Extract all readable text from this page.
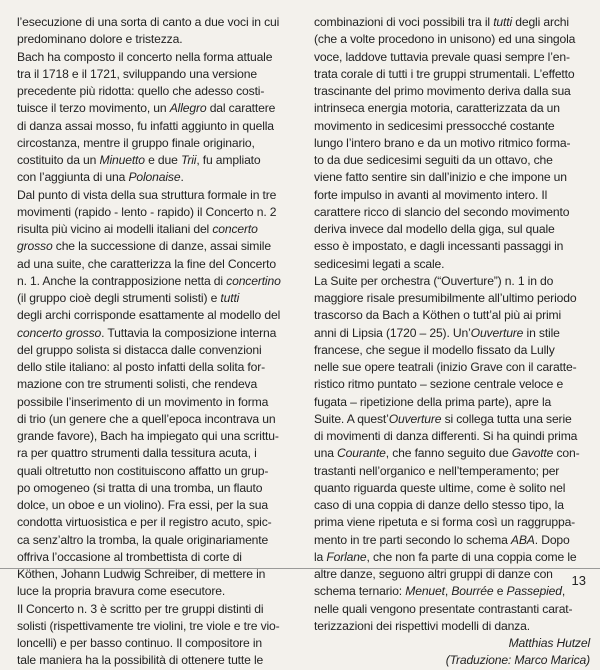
l’esecuzione di una sorta di canto a due voci in cui
predominano dolore e tristezza.
Bach ha composto il concerto nella forma attuale
tra il 1718 e il 1721, sviluppando una versione
precedente più ridotta: quello che adesso costi-
tuisce il terzo movimento, un Allegro dal carattere
di danza assai mosso, fu infatti aggiunto in quella
circostanza, mentre il gruppo finale originario,
costituito da un Minuetto e due Trii, fu ampliato
con l’aggiunta di una Polonaise.
Dal punto di vista della sua struttura formale in tre
movimenti (rapido - lento - rapido) il Concerto n. 2
risulta più vicino ai modelli italiani del concerto
grosso che la successione di danze, assai simile
ad una suite, che caratterizza la fine del Concerto
n. 1. Anche la contrapposizione netta di concertino
(il gruppo cioè degli strumenti solisti) e tutti
degli archi corrisponde esattamente al modello del
concerto grosso. Tuttavia la composizione interna
del gruppo solista si distacca dalle convenzioni
dello stile italiano: al posto infatti della solita for-
mazione con tre strumenti solisti, che rendeva
possibile l’inserimento di un movimento in forma
di trio (un genere che a quell’epoca incontrava un
grande favore), Bach ha impiegato qui una scrittu-
ra per quattro strumenti dalla tessitura acuta, i
quali oltretutto non costituiscono affatto un grup-
po omogeneo (si tratta di una tromba, un flauto
dolce, un oboe e un violino). Fra essi, per la sua
condotta virtuosistica e per il registro acuto, spic-
ca senz’altro la tromba, la quale originariamente
offriva l’occasione al trombettista di corte di
Köthen, Johann Ludwig Schreiber, di mettere in
luce la propria bravura come esecutore.
Il Concerto n. 3 è scritto per tre gruppi distinti di
solisti (rispettivamente tre violini, tre viole e tre vio-
loncelli) e per basso continuo. Il compositore in
tale maniera ha la possibilità di ottenere tutte le
combinazioni di voci possibili tra il tutti degli archi
(che a volte procedono in unisono) ed una singola
voce, laddove tuttavia prevale quasi sempre l’en-
trata corale di tutti i tre gruppi strumentali. L’effetto
trascinante del primo movimento deriva dalla sua
intrinseca energia motoria, caratterizzata da un
movimento in sedicesimi pressocché costante
lungo l’intero brano e da un motivo ritmico forma-
to da due sedicesimi seguiti da un ottavo, che
viene fatto sentire sin dall’inizio e che impone un
forte impulso in avanti al movimento intero. Il
carattere ricco di slancio del secondo movimento
deriva invece dal modello della giga, sul quale
esso è impostato, e dagli incessanti passaggi in
sedicesimi legati a scale.
La Suite per orchestra (“Ouverture”) n. 1 in do
maggiore risale presumibilmente all’ultimo periodo
trascorso da Bach a Köthen o tutt’al più ai primi
anni di Lipsia (1720 – 25). Un’Ouverture in stile
francese, che segue il modello fissato da Lully
nelle sue opere teatrali (inizio Grave con il caratte-
ristico ritmo puntato – sezione centrale veloce e
fugata – ripetizione della prima parte), apre la
Suite. A quest’Ouverture si collega tutta una serie
di movimenti di danza differenti. Si ha quindi prima
una Courante, che fanno seguito due Gavotte con-
trastanti nell’organico e nell’temperamento; per
quanto riguarda queste ultime, come è solito nel
caso di una coppia di danze dello stesso tipo, la
prima viene ripetuta e si forma così un raggruppa-
mento in tre parti secondo lo schema ABA. Dopo
la Forlane, che non fa parte di una coppia come le
altre danze, seguono altri gruppi di danze con
schema ternario: Menuet, Bourrée e Passepied,
nelle quali vengono presentate contrastanti carat-
terizzazioni dei rispettivi modelli di danza.
Matthias Hutzel
(Traduzione: Marco Marica)
13
